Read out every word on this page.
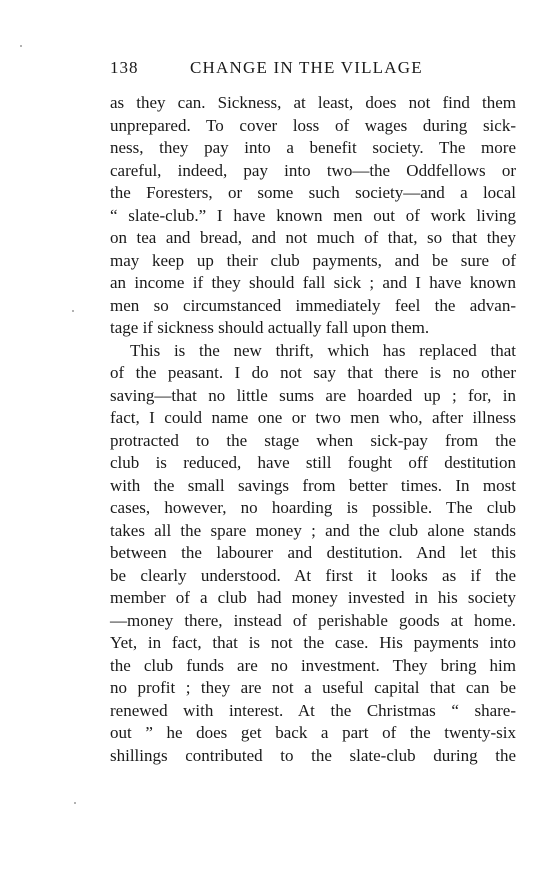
138	CHANGE IN THE VILLAGE
as they can. Sickness, at least, does not find them
unprepared. To cover loss of wages during sick-
ness, they pay into a benefit society. The more
careful, indeed, pay into two—the Oddfellows or
the Foresters, or some such society—and a local
“ slate-club.” I have known men out of work living
on tea and bread, and not much of that, so that they
may keep up their club payments, and be sure of
an income if they should fall sick ; and I have known
men so circumstanced immediately feel the advan-
tage if sickness should actually fall upon them.
This is the new thrift, which has replaced that
of the peasant. I do not say that there is no other
saving—that no little sums are hoarded up ; for, in
fact, I could name one or two men who, after illness
protracted to the stage when sick-pay from the
club is reduced, have still fought off destitution
with the small savings from better times. In most
cases, however, no hoarding is possible. The club
takes all the spare money ; and the club alone stands
between the labourer and destitution. And let this
be clearly understood. At first it looks as if the
member of a club had money invested in his society
—money there, instead of perishable goods at home.
Yet, in fact, that is not the case. His payments into
the club funds are no investment. They bring him
no profit ; they are not a useful capital that can be
renewed with interest. At the Christmas “ share-
out ” he does get back a part of the twenty-six
shillings contributed to the slate-club during the
